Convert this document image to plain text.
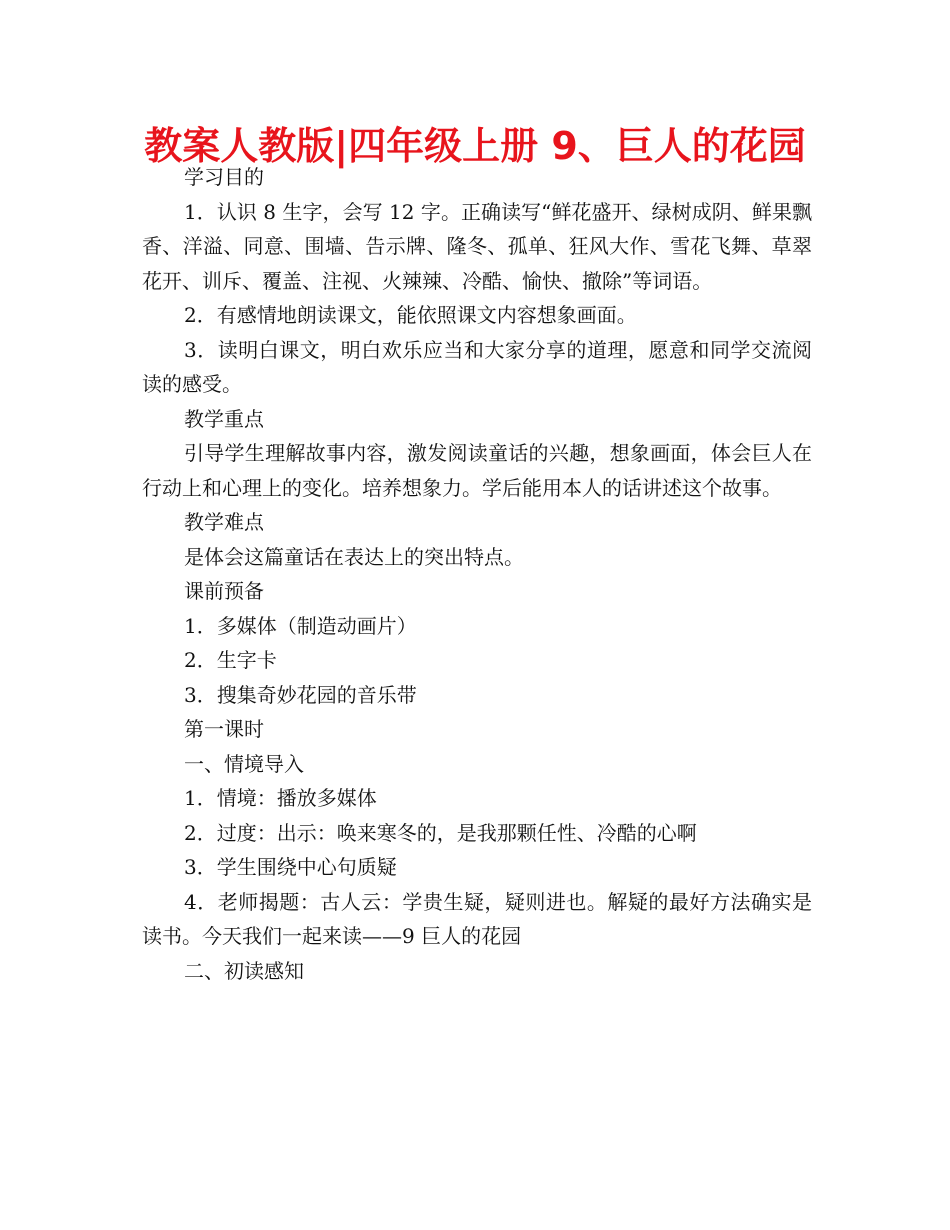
教案人教版|四年级上册 9、巨人的花园

学习目的

1．认识 8 生字，会写 12 字。正确读写“鲜花盛开、绿树成阴、鲜果飘香、洋溢、同意、围墙、告示牌、隆冬、孤单、狂风大作、雪花飞舞、草翠花开、训斥、覆盖、注视、火辣辣、冷酷、愉快、撤除”等词语。

2．有感情地朗读课文，能依照课文内容想象画面。

3．读明白课文，明白欢乐应当和大家分享的道理，愿意和同学交流阅读的感受。

教学重点

引导学生理解故事内容，激发阅读童话的兴趣，想象画面，体会巨人在行动上和心理上的变化。培养想象力。学后能用本人的话讲述这个故事。

教学难点

是体会这篇童话在表达上的突出特点。

课前预备

1．多媒体（制造动画片）

2．生字卡

3．搜集奇妙花园的音乐带

第一课时

一、情境导入

1．情境：播放多媒体

2．过度：出示：唤来寒冬的，是我那颗任性、冷酷的心啊

3．学生围绕中心句质疑

4．老师揭题：古人云：学贵生疑，疑则进也。解疑的最好方法确实是读书。今天我们一起来读——9 巨人的花园

二、初读感知
